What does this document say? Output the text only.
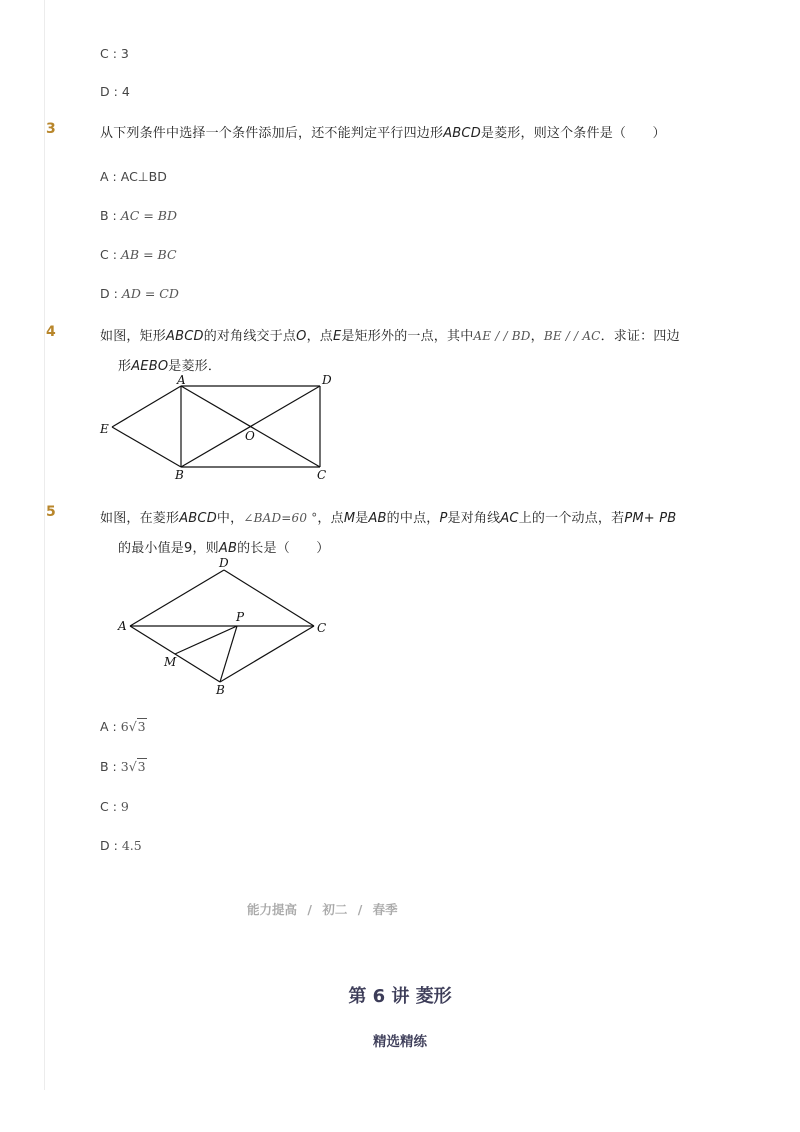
C : 3
D : 4
3	从下列条件中选择一个条件添加后，还不能判定平行四边形ABCD是菱形，则这个条件是（　　）
A : AC⊥BD
B : AC = BD
C : AB = BC
D : AD = CD
4	如图，矩形ABCD的对角线交于点O，点E是矩形外的一点，其中AE / / BD，BE / / AC．求证：四边
形AEBO是菱形．
A	D
E	O
B	C
5	如图，在菱形ABCD中，∠BAD=60 °，点M是AB的中点，P是对角线AC上的一个动点，若PM+ PB
的最小值是9，则AB的长是（　　）
D
A
P
C
M
B
A : 6√3
B : 3√3
C : 9
D : 4.5
能力提高 / 初二 / 春季
第 6 讲 菱形
精选精练
